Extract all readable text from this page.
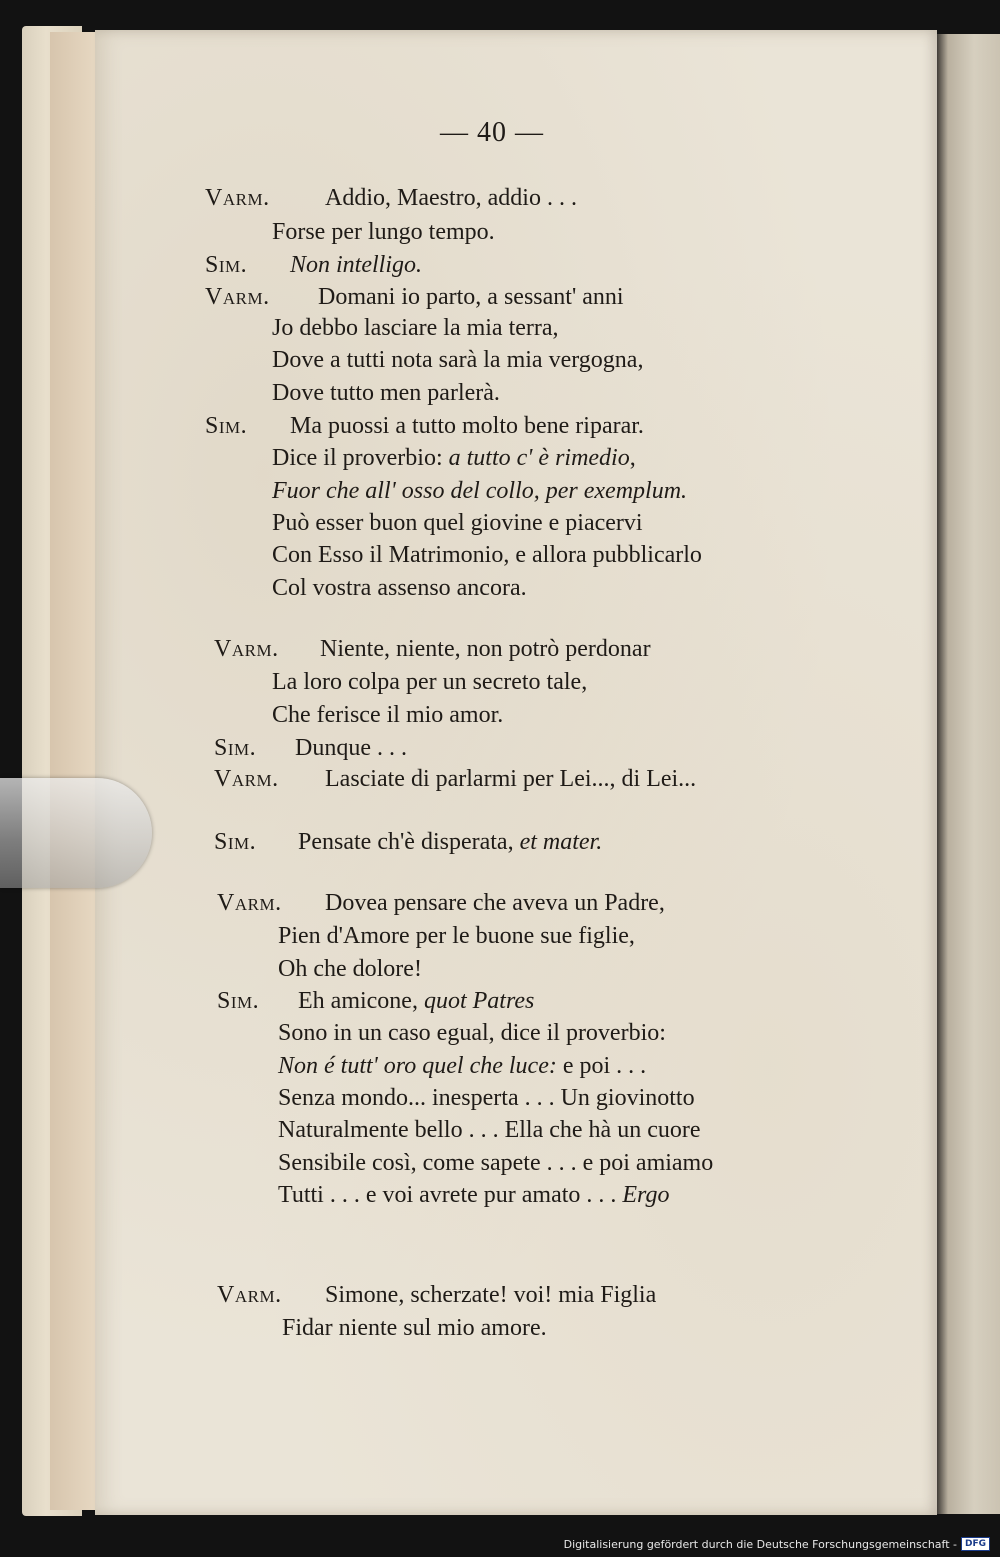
— 40 —
Varm. Addio, Maestro, addio . . .
Forse per lungo tempo.
Sim. Non intelligo.
Varm. Domani io parto, a sessant' anni
Jo debbo lasciare la mia terra,
Dove a tutti nota sarà la mia vergogna,
Dove tutto men parlerà.
Sim. Ma puossi a tutto molto bene riparar.
Dice il proverbio: a tutto c' è rimedio,
Fuor che all' osso del collo, per exemplum.
Può esser buon quel giovine e piacervi
Con Esso il Matrimonio, e allora pubblicarlo
Col vostra assenso ancora.
Varm. Niente, niente, non potrò perdonar
La loro colpa per un secreto tale,
Che ferisce il mio amor.
Sim. Dunque . . .
Varm. Lasciate di parlarmi per Lei..., di Lei...
Sim. Pensate ch'è disperata, et mater.
Varm. Dovea pensare che aveva un Padre,
Pien d'Amore per le buone sue figlie,
Oh che dolore!
Sim. Eh amicone, quot Patres
Sono in un caso egual, dice il proverbio:
Non é tutt' oro quel che luce: e poi . . .
Senza mondo... inesperta . . . Un giovinotto
Naturalmente bello . . . Ella che hà un cuore
Sensibile così, come sapete . . . e poi amiamo
Tutti . . . e voi avrete pur amato . . . Ergo
Varm. Simone, scherzate! voi! mia Figlia
Fidar niente sul mio amore.
Digitalisierung gefördert durch die Deutsche Forschungsgemeinschaft - DFG
